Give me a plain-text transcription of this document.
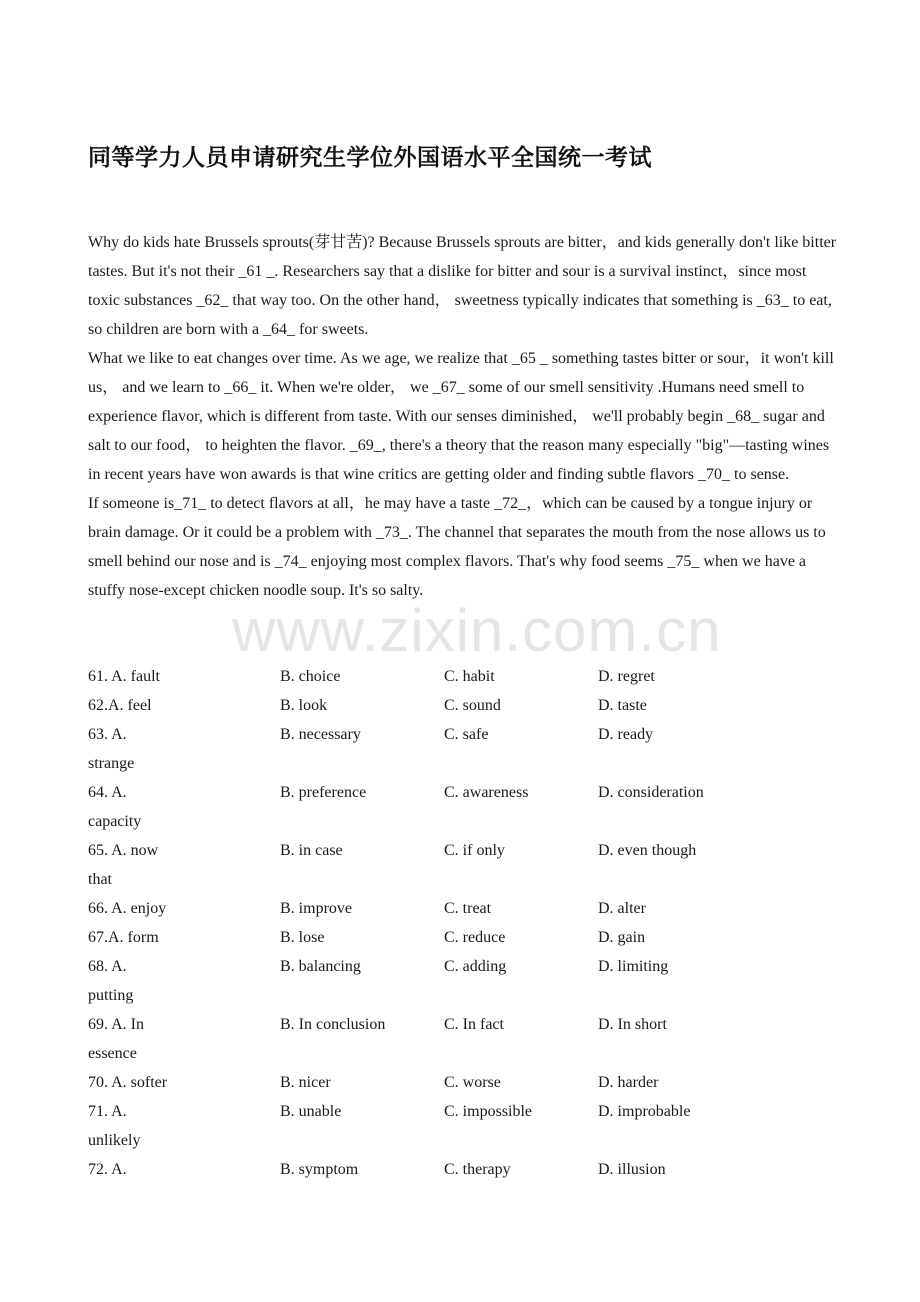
同等学力人员申请研究生学位外国语水平全国统一考试

Why do kids hate Brussels sprouts(芽甘苦)? Because Brussels sprouts are bitter，and kids generally don't like bitter tastes. But it's not their _61 _. Researchers say that a dislike for bitter and sour is a survival instinct，since most toxic substances _62_ that way too. On the other hand， sweetness typically indicates that something is _63_ to eat, so children are born with a _64_ for sweets.

What we like to eat changes over time. As we age, we realize that _65 _ something tastes bitter or sour，it won't kill us， and we learn to _66_ it. When we're older， we _67_ some of our smell sensitivity .Humans need smell to experience flavor, which is different from taste. With our senses diminished， we'll probably begin _68_ sugar and salt to our food， to heighten the flavor. _69_, there's a theory that the reason many especially "big"—tasting wines in recent years have won awards is that wine critics are getting older and finding subtle flavors _70_ to sense.

If someone is_71_ to detect flavors at all，he may have a taste _72_，which can be caused by a tongue injury or brain damage. Or it could be a problem with _73_. The channel that separates the mouth from the nose allows us to smell behind our nose and is _74_ enjoying most complex flavors. That's why food seems _75_ when we have a stuffy nose-except chicken noodle soup. It's so salty.

www.zixin.com.cn
61. A. fault	B. choice	C. habit	D. regret
62.A. feel	B. look	C. sound	D. taste
63. A. strange
B. necessary	C. safe	D. ready
64. A. capacity
B. preference	C. awareness	D. consideration
65. A. now that
B. in case	C. if only	D. even though
66. A. enjoy	B. improve	C. treat	D. alter
67.A. form	B. lose	C. reduce	D. gain
68. A. putting
B. balancing	C. adding	D. limiting
69. A. In essence
B. In conclusion	C. In fact	D. In short
70. A. softer	B. nicer	C. worse	D. harder
71. A. unlikely
B. unable	C. impossible	D. improbable
72. A.	B. symptom	C. therapy	D. illusion
